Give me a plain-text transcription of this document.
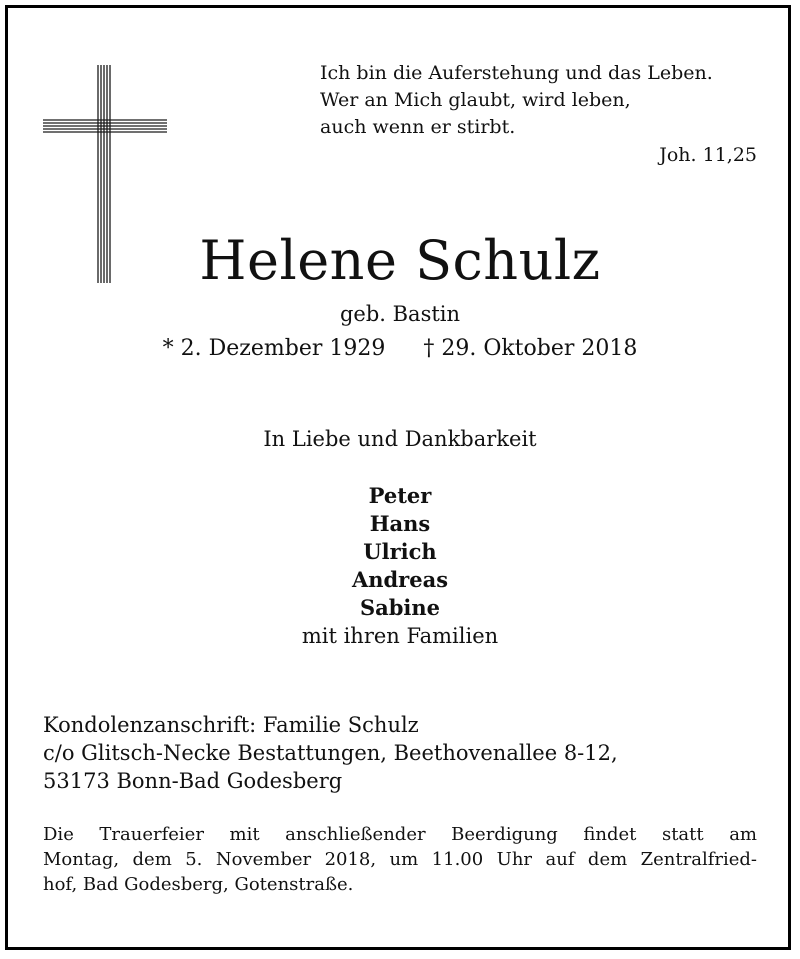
Ich bin die Auferstehung und das Leben.
Wer an Mich glaubt, wird leben,
auch wenn er stirbt.
Joh. 11,25
Helene Schulz
geb. Bastin
* 2. Dezember 1929 † 29. Oktober 2018
In Liebe und Dankbarkeit
Peter
Hans
Ulrich
Andreas
Sabine
mit ihren Familien
Kondolenzanschrift: Familie Schulz
c/o Glitsch-Necke Bestattungen, Beethovenallee 8-12,
53173 Bonn-Bad Godesberg
Die Trauerfeier mit anschließender Beerdigung findet statt am
Montag, dem 5. November 2018, um 11.00 Uhr auf dem Zentralfried-
hof, Bad Godesberg, Gotenstraße.
